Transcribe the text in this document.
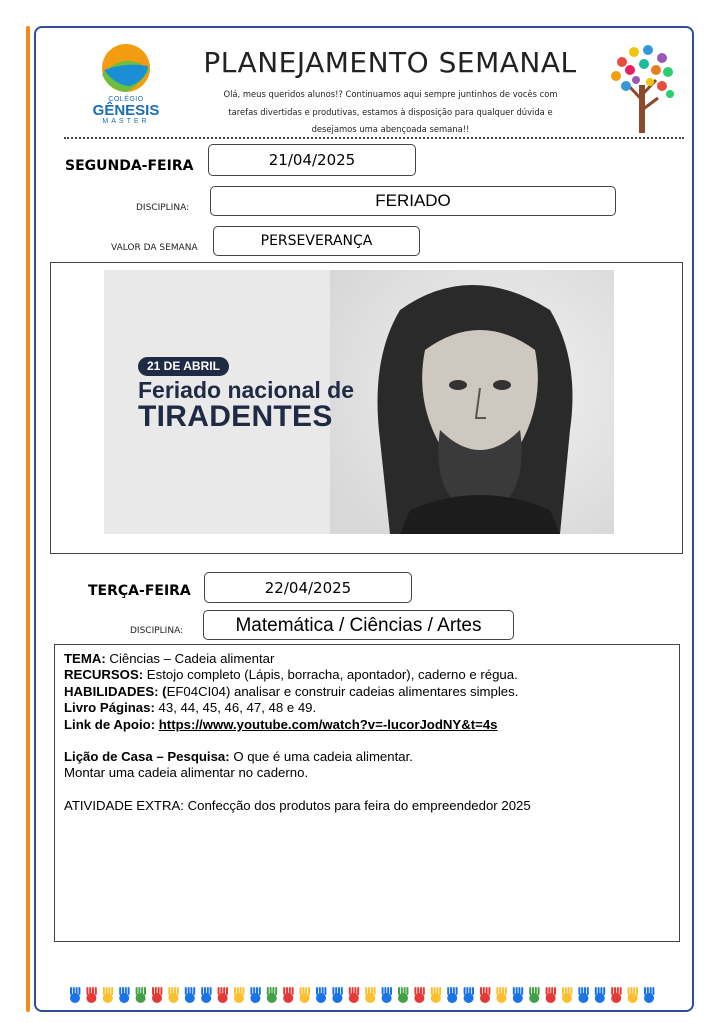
COLÉGIO
GÊNESIS
MASTER
PLANEJAMENTO SEMANAL
Olá, meus queridos alunos!? Continuamos aqui sempre juntinhos de vocês com
tarefas divertidas e produtivas, estamos à disposição para qualquer dúvida e
desejamos uma abençoada semana!!
SEGUNDA-FEIRA	21/04/2025
DISCIPLINA:	FERIADO
VALOR DA SEMANA	PERSEVERANÇA
21 DE ABRIL
Feriado nacional de
TIRADENTES
TERÇA-FEIRA	22/04/2025
DISCIPLINA:	Matemática / Ciências / Artes
TEMA: Ciências – Cadeia alimentar
RECURSOS: Estojo completo (Lápis, borracha, apontador), caderno e régua.
HABILIDADES: (EF04CI04) analisar e construir cadeias alimentares simples.
Livro Páginas: 43, 44, 45, 46, 47, 48 e 49.
Link de Apoio: https://www.youtube.com/watch?v=-lucorJodNY&t=4s
Lição de Casa – Pesquisa: O que é uma cadeia alimentar.
Montar uma cadeia alimentar no caderno.
ATIVIDADE EXTRA: Confecção dos produtos para feira do empreendedor 2025
